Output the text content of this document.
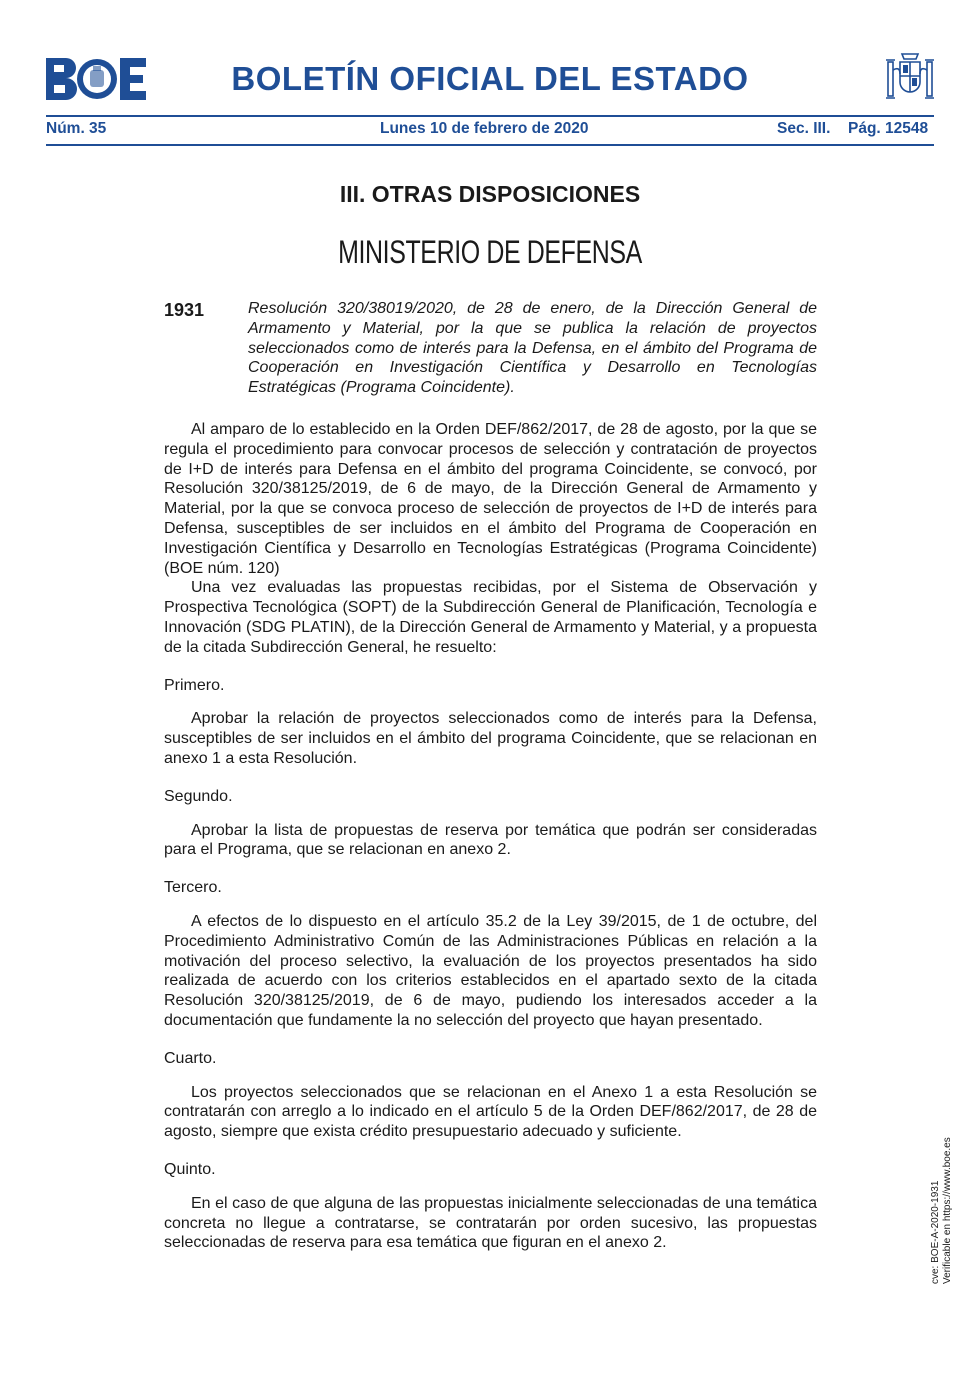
BOLETÍN OFICIAL DEL ESTADO
Núm. 35	Lunes 10 de febrero de 2020	Sec. III. Pág. 12548
III. OTRAS DISPOSICIONES
MINISTERIO DE DEFENSA
1931	Resolución 320/38019/2020, de 28 de enero, de la Dirección General de Armamento y Material, por la que se publica la relación de proyectos seleccionados como de interés para la Defensa, en el ámbito del Programa de Cooperación en Investigación Científica y Desarrollo en Tecnologías Estratégicas (Programa Coincidente).

Al amparo de lo establecido en la Orden DEF/862/2017, de 28 de agosto, por la que se regula el procedimiento para convocar procesos de selección y contratación de proyectos de I+D de interés para Defensa en el ámbito del programa Coincidente, se convocó, por Resolución 320/38125/2019, de 6 de mayo, de la Dirección General de Armamento y Material, por la que se convoca proceso de selección de proyectos de I+D de interés para Defensa, susceptibles de ser incluidos en el ámbito del Programa de Cooperación en Investigación Científica y Desarrollo en Tecnologías Estratégicas (Programa Coincidente) (BOE núm. 120)

Una vez evaluadas las propuestas recibidas, por el Sistema de Observación y Prospectiva Tecnológica (SOPT) de la Subdirección General de Planificación, Tecnología e Innovación (SDG PLATIN), de la Dirección General de Armamento y Material, y a propuesta de la citada Subdirección General, he resuelto:

Primero.

Aprobar la relación de proyectos seleccionados como de interés para la Defensa, susceptibles de ser incluidos en el ámbito del programa Coincidente, que se relacionan en anexo 1 a esta Resolución.

Segundo.

Aprobar la lista de propuestas de reserva por temática que podrán ser consideradas para el Programa, que se relacionan en anexo 2.

Tercero.

A efectos de lo dispuesto en el artículo 35.2 de la Ley 39/2015, de 1 de octubre, del Procedimiento Administrativo Común de las Administraciones Públicas en relación a la motivación del proceso selectivo, la evaluación de los proyectos presentados ha sido realizada de acuerdo con los criterios establecidos en el apartado sexto de la citada Resolución 320/38125/2019, de 6 de mayo, pudiendo los interesados acceder a la documentación que fundamente la no selección del proyecto que hayan presentado.

Cuarto.

Los proyectos seleccionados que se relacionan en el Anexo 1 a esta Resolución se contratarán con arreglo a lo indicado en el artículo 5 de la Orden DEF/862/2017, de 28 de agosto, siempre que exista crédito presupuestario adecuado y suficiente.

Quinto.

En el caso de que alguna de las propuestas inicialmente seleccionadas de una temática concreta no llegue a contratarse, se contratarán por orden sucesivo, las propuestas seleccionadas de reserva para esa temática que figuran en el anexo 2.	cve: BOE-A-2020-1931 Verificable en https://www.boe.es
